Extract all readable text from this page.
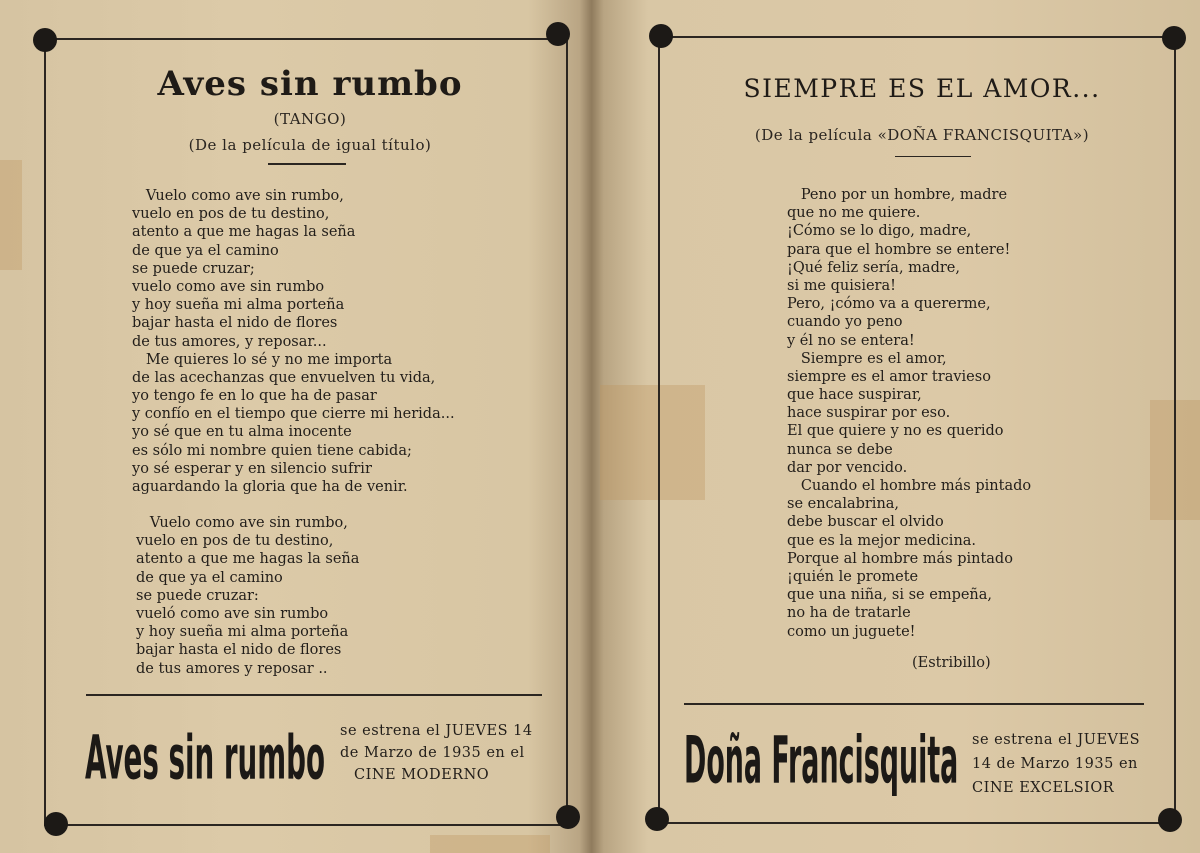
Aves sin rumbo
(TANGO)
(De la película de igual título)
Vuelo como ave sin rumbo,
vuelo en pos de tu destino,
atento a que me hagas la seña
de que ya el camino
se puede cruzar;
vuelo como ave sin rumbo
y hoy sueña mi alma porteña
bajar hasta el nido de flores
de tus amores, y reposar...
Me quieres lo sé y no me importa
de las acechanzas que envuelven tu vida,
yo tengo fe en lo que ha de pasar
y confío en el tiempo que cierre mi herida...
yo sé que en tu alma inocente
es sólo mi nombre quien tiene cabida;
yo sé esperar y en silencio sufrir
aguardando la gloria que ha de venir.
Vuelo como ave sin rumbo,
vuelo en pos de tu destino,
atento a que me hagas la seña
de que ya el camino
se puede cruzar:
vueló como ave sin rumbo
y hoy sueña mi alma porteña
bajar hasta el nido de flores
de tus amores y reposar ..
Aves sin rumbo se estrena el JUEVES 14
de Marzo de 1935 en el
CINE MODERNO
SIEMPRE ES EL AMOR...
(De la película «DOÑA FRANCISQUITA»)
Peno por un hombre, madre
que no me quiere.
¡Cómo se lo digo, madre,
para que el hombre se entere!
¡Qué feliz sería, madre,
si me quisiera!
Pero, ¡cómo va a quererme,
cuando yo peno
y él no se entera!
Siempre es el amor,
siempre es el amor travieso
que hace suspirar,
hace suspirar por eso.
El que quiere y no es querido
nunca se debe
dar por vencido.
Cuando el hombre más pintado
se encalabrina,
debe buscar el olvido
que es la mejor medicina.
Porque al hombre más pintado
¡quién le promete
que una niña, si se empeña,
no ha de tratarle
como un juguete!
(Estribillo)
Doña Francisquita se estrena el JUEVES
14 de Marzo 1935 en
CINE EXCELSIOR
